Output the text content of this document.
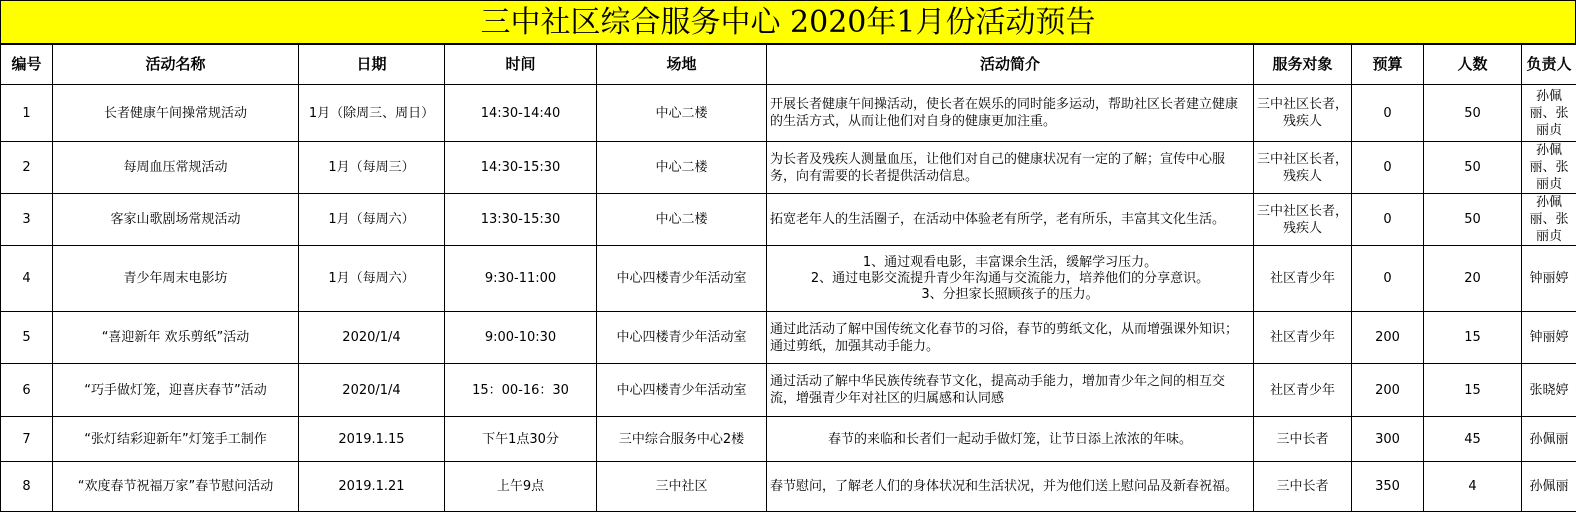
三中社区综合服务中心 2020年1月份活动预告
编号	活动名称	日期	时间	场地	活动简介	服务对象	预算	人数	负责人
1	长者健康午间操常规活动	1月（除周三、周日）	14:30-14:40	中心二楼	开展长者健康午间操活动，使长者在娱乐的同时能多运动，帮助社区长者建立健康的生活方式，从而让他们对自身的健康更加注重。	三中社区长者，残疾人	0	50	孙佩丽、张丽贞
2	每周血压常规活动	1月（每周三）	14:30-15:30	中心二楼	为长者及残疾人测量血压，让他们对自己的健康状况有一定的了解；宣传中心服务，向有需要的长者提供活动信息。	三中社区长者，残疾人	0	50	孙佩丽、张丽贞
3	客家山歌剧场常规活动	1月（每周六）	13:30-15:30	中心二楼	拓宽老年人的生活圈子，在活动中体验老有所学，老有所乐，丰富其文化生活。	三中社区长者，残疾人	0	50	孙佩丽、张丽贞
4	青少年周末电影坊	1月（每周六）	9:30-11:00	中心四楼青少年活动室	1、通过观看电影，丰富课余生活，缓解学习压力。
2、通过电影交流提升青少年沟通与交流能力，培养他们的分享意识。
3、分担家长照顾孩子的压力。	社区青少年	0	20	钟丽婷
5	“喜迎新年 欢乐剪纸”活动	2020/1/4	9:00-10:30	中心四楼青少年活动室	通过此活动了解中国传统文化春节的习俗，春节的剪纸文化，从而增强课外知识；通过剪纸，加强其动手能力。	社区青少年	200	15	钟丽婷
6	“巧手做灯笼，迎喜庆春节”活动	2020/1/4	15：00-16：30	中心四楼青少年活动室	通过活动了解中华民族传统春节文化，提高动手能力，增加青少年之间的相互交流，增强青少年对社区的归属感和认同感	社区青少年	200	15	张晓婷
7	“张灯结彩迎新年”灯笼手工制作	2019.1.15	下午1点30分	三中综合服务中心2楼	春节的来临和长者们一起动手做灯笼，让节日添上浓浓的年味。	三中长者	300	45	孙佩丽
8	“欢度春节祝福万家”春节慰问活动	2019.1.21	上午9点	三中社区	春节慰问，了解老人们的身体状况和生活状况，并为他们送上慰问品及新春祝福。	三中长者	350	4	孙佩丽
